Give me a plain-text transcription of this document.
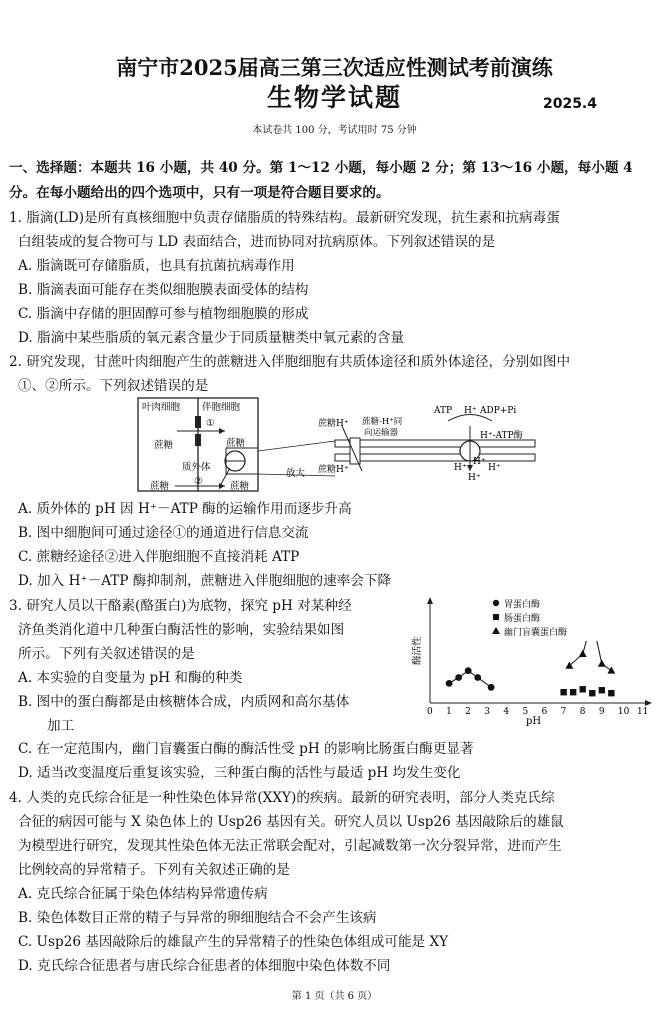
南宁市2025届高三第三次适应性测试考前演练
生物学试题	2025.4
本试卷共 100 分，考试用时 75 分钟
一、选择题：本题共 16 小题，共 40 分。第 1～12 小题，每小题 2 分；第 13～16 小题，每小题 4
分。在每小题给出的四个选项中，只有一项是符合题目要求的。
1. 脂滴(LD)是所有真核细胞中负责存储脂质的特殊结构。最新研究发现，抗生素和抗病毒蛋
白组装成的复合物可与 LD 表面结合，进而协同对抗病原体。下列叙述错误的是
A. 脂滴既可存储脂质，也具有抗菌抗病毒作用
B. 脂滴表面可能存在类似细胞膜表面受体的结构
C. 脂滴中存储的胆固醇可参与植物细胞膜的形成
D. 脂滴中某些脂质的氧元素含量少于同质量糖类中氧元素的含量
2. 研究发现，甘蔗叶肉细胞产生的蔗糖进入伴胞细胞有共质体途径和质外体途径，分别如图中
①、②所示。下列叙述错误的是
叶肉细胞 伴胞细胞
①
蔗糖	蔗糖
质外体
蔗糖	②	蔗糖
放大
蔗糖H⁺ 蔗糖-H⁺同
向运输器
蔗糖H⁺
ATP H⁺ ADP+Pi
H⁺-ATP酶
H⁺
H⁺ H⁺
H⁺
A. 质外体的 pH 因 H⁺－ATP 酶的运输作用而逐步升高
B. 图中细胞间可通过途径①的通道进行信息交流
C. 蔗糖经途径②进入伴胞细胞不直接消耗 ATP
D. 加入 H⁺－ATP 酶抑制剂，蔗糖进入伴胞细胞的速率会下降
3. 研究人员以干酪素(酪蛋白)为底物，探究 pH 对某种经
济鱼类消化道中几种蛋白酶活性的影响，实验结果如图
所示。下列有关叙述错误的是
A. 本实验的自变量为 pH 和酶的种类
B. 图中的蛋白酶都是由核糖体合成，内质网和高尔基体
加工
酶活性
pH
0 1 2 3 4 5 6 7 8 9 10 11
胃蛋白酶
肠蛋白酶
幽门盲囊蛋白酶
C. 在一定范围内，幽门盲囊蛋白酶的酶活性受 pH 的影响比肠蛋白酶更显著
D. 适当改变温度后重复该实验，三种蛋白酶的活性与最适 pH 均发生变化
4. 人类的克氏综合征是一种性染色体异常(XXY)的疾病。最新的研究表明，部分人类克氏综
合征的病因可能与 X 染色体上的 Usp26 基因有关。研究人员以 Usp26 基因敲除后的雄鼠
为模型进行研究，发现其性染色体无法正常联会配对，引起减数第一次分裂异常，进而产生
比例较高的异常精子。下列有关叙述正确的是
A. 克氏综合征属于染色体结构异常遗传病
B. 染色体数目正常的精子与异常的卵细胞结合不会产生该病
C. Usp26 基因敲除后的雄鼠产生的异常精子的性染色体组成可能是 XY
D. 克氏综合征患者与唐氏综合征患者的体细胞中染色体数不同
第 1 页（共 6 页）
